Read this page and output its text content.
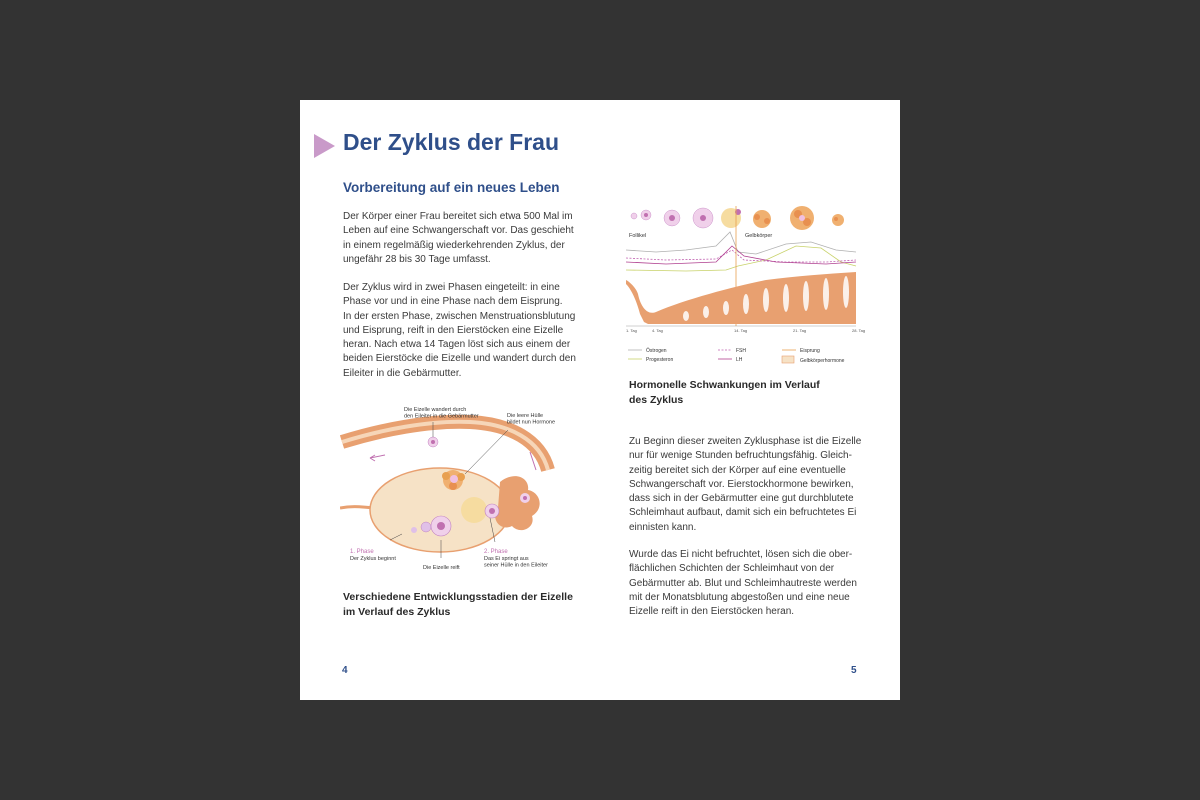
Der Zyklus der Frau
Vorbereitung auf ein neues Leben

Der Körper einer Frau bereitet sich etwa 500 Mal im
Leben auf eine Schwangerschaft vor. Das geschieht
in einem regelmäßig wiederkehrenden Zyklus, der
ungefähr 28 bis 30 Tage umfasst.

Der Zyklus wird in zwei Phasen eingeteilt: in eine
Phase vor und in eine Phase nach dem Eisprung.
In der ersten Phase, zwischen Menstruationsblutung
und Eisprung, reift in den Eierstöcken eine Eizelle
heran. Nach etwa 14 Tagen löst sich aus einem der
beiden Eierstöcke die Eizelle und wandert durch den
Eileiter in die Gebärmutter.

Die Eizelle wandert durch den Eileiter in die Gebärmutter	Die leere Hülle bildet nun Hormone
1. Phase
Der Zyklus beginnt
Die Eizelle reift
2. Phase
Das Ei springt aus seiner Hülle in den Eileiter

Verschiedene Entwicklungsstadien der Eizelle
im Verlauf des Zyklus

4

Follikel	Gelbkörper
1. Tag	4. Tag	14. Tag	21. Tag	28. Tag
Östrogen
Progesteron
FSH
LH
Eisprung
Gelbkörperhormone

Hormonelle Schwankungen im Verlauf
des Zyklus

Zu Beginn dieser zweiten Zyklusphase ist die Eizelle
nur für wenige Stunden befruchtungsfähig. Gleich-
zeitig bereitet sich der Körper auf eine eventuelle
Schwangerschaft vor. Eierstockhormone bewirken,
dass sich in der Gebärmutter eine gut durchblutete
Schleimhaut aufbaut, damit sich ein befruchtetes Ei
einnisten kann.

Wurde das Ei nicht befruchtet, lösen sich die ober-
flächlichen Schichten der Schleimhaut von der
Gebärmutter ab. Blut und Schleimhautreste werden
mit der Monatsblutung abgestoßen und eine neue
Eizelle reift in den Eierstöcken heran.

5
